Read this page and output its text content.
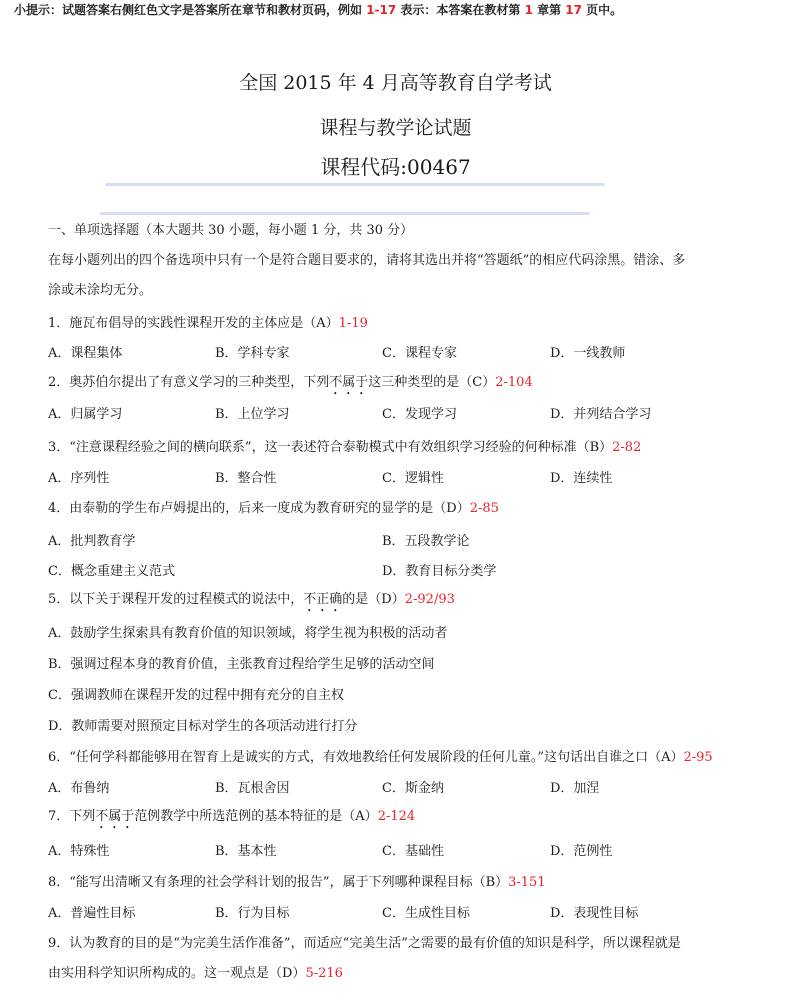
小提示：试题答案右侧红色文字是答案所在章节和教材页码，例如 1-17 表示：本答案在教材第 1 章第 17 页中。
全国 2015 年 4 月高等教育自学考试
课程与教学论试题
课程代码:00467
一、单项选择题（本大题共 30 小题，每小题 1 分，共 30 分）
在每小题列出的四个备选项中只有一个是符合题目要求的，请将其选出并将“答题纸”的相应代码涂黑。错涂、多
涂或未涂均无分。
1．施瓦布倡导的实践性课程开发的主体应是（A）1-19
A．课程集体	B．学科专家	C．课程专家	D．一线教师
2．奥苏伯尔提出了有意义学习的三种类型，下列不属于这三种类型的是（C）2-104
A．归属学习	B．上位学习	C．发现学习	D．并列结合学习
3．“注意课程经验之间的横向联系”，这一表述符合泰勒模式中有效组织学习经验的何种标准（B）2-82
A．序列性	B．整合性	C．逻辑性	D．连续性
4．由泰勒的学生布卢姆提出的，后来一度成为教育研究的显学的是（D）2-85
A．批判教育学	B．五段教学论
C．概念重建主义范式	D．教育目标分类学
5．以下关于课程开发的过程模式的说法中，不正确的是（D）2-92/93
A．鼓励学生探索具有教育价值的知识领域，将学生视为积极的活动者
B．强调过程本身的教育价值，主张教育过程给学生足够的活动空间
C．强调教师在课程开发的过程中拥有充分的自主权
D．教师需要对照预定目标对学生的各项活动进行打分
6．“任何学科都能够用在智育上是诚实的方式，有效地教给任何发展阶段的任何儿童。”这句话出自谁之口（A）2-95
A．布鲁纳	B．瓦根舍因	C．斯金纳	D．加涅
7．下列不属于范例教学中所选范例的基本特征的是（A）2-124
A．特殊性	B．基本性	C．基础性	D．范例性
8．“能写出清晰又有条理的社会学科计划的报告”，属于下列哪种课程目标（B）3-151
A．普遍性目标	B．行为目标	C．生成性目标	D．表现性目标
9．认为教育的目的是“为完美生活作准备”，而适应“完美生活”之需要的最有价值的知识是科学，所以课程就是
由实用科学知识所构成的。这一观点是（D）5-216
